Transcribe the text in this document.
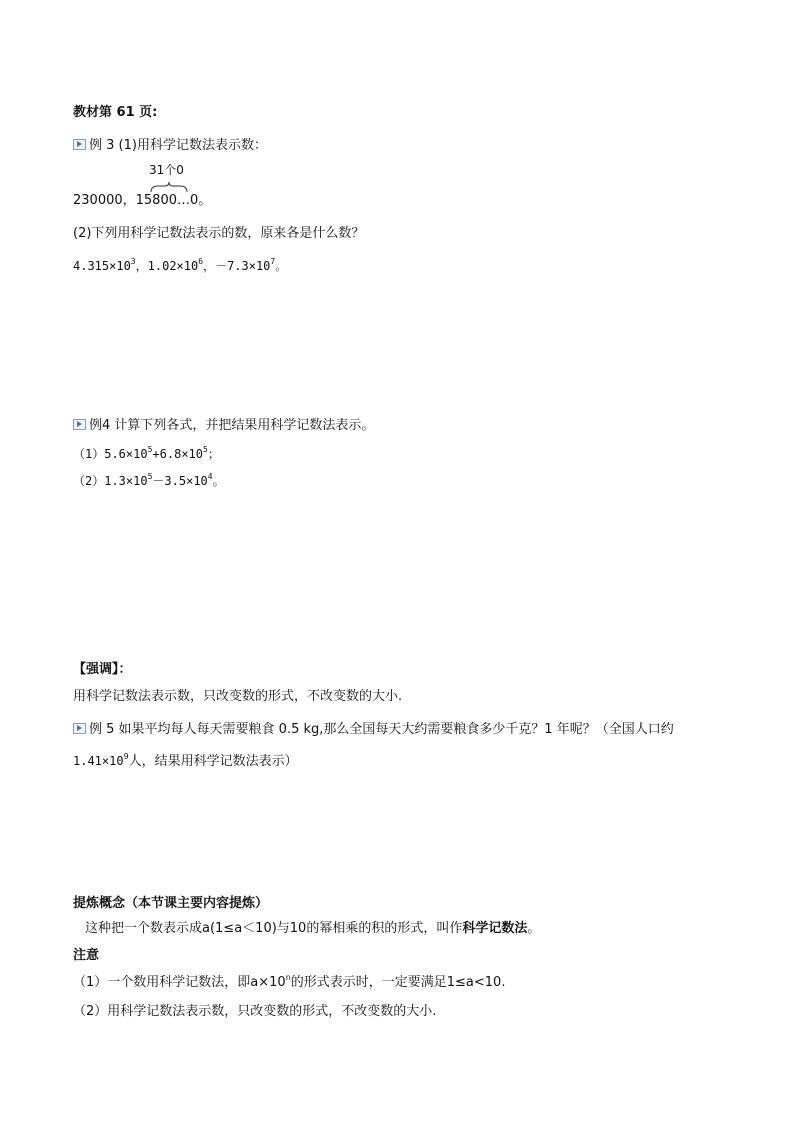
教材第 61 页:
例 3 (1)用科学记数法表示数：
31个0
230000，15800…0。
(2)下列用科学记数法表示的数，原来各是什么数？
$4.315\times 10^3$，$1.02\times 10^6$，$-7.3\times 10^7$。
例4 计算下列各式，并把结果用科学记数法表示。
$(1)5.6\times 10^5+6.8\times 10^5$；
$(2)1.3\times 10^5-3.5\times 10^4$。
【强调】：
用科学记数法表示数，只改变数的形式，不改变数的大小.
例 5 如果平均每人每天需要粮食 0.5 kg,那么全国每天大约需要粮食多少千克？1 年呢？（全国人口约
$1.41\times 10^9$人，结果用科学记数法表示）
提炼概念（本节课主要内容提炼）
这种把一个数表示成a(1≤a＜10)与10的幂相乘的积的形式，叫作科学记数法。
注意
（1）一个数用科学记数法，即$a\times 10^n$的形式表示时，一定要满足1≤a<10.
（2）用科学记数法表示数，只改变数的形式，不改变数的大小.
